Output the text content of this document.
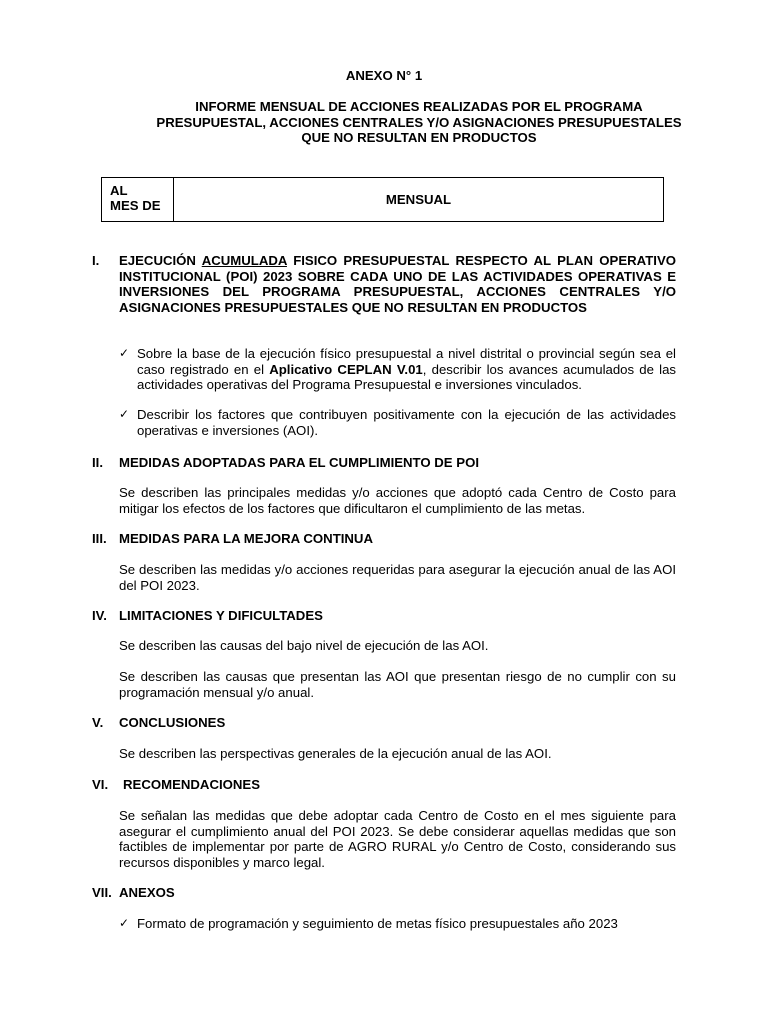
ANEXO N° 1
INFORME MENSUAL DE ACCIONES REALIZADAS POR EL PROGRAMA
PRESUPUESTAL, ACCIONES CENTRALES Y/O ASIGNACIONES PRESUPUESTALES
QUE NO RESULTAN EN PRODUCTOS
AL
MES DE	MENSUAL
I.	EJECUCIÓN ACUMULADA FISICO PRESUPUESTAL RESPECTO AL PLAN OPERATIVO INSTITUCIONAL (POI) 2023 SOBRE CADA UNO DE LAS ACTIVIDADES OPERATIVAS E INVERSIONES DEL PROGRAMA PRESUPUESTAL, ACCIONES CENTRALES Y/O ASIGNACIONES PRESUPUESTALES QUE NO RESULTAN EN PRODUCTOS
✓ Sobre la base de la ejecución físico presupuestal a nivel distrital o provincial según sea el caso registrado en el Aplicativo CEPLAN V.01, describir los avances acumulados de las actividades operativas del Programa Presupuestal e inversiones vinculados.
✓ Describir los factores que contribuyen positivamente con la ejecución de las actividades operativas e inversiones (AOI).
II.	MEDIDAS ADOPTADAS PARA EL CUMPLIMIENTO DE POI
Se describen las principales medidas y/o acciones que adoptó cada Centro de Costo para mitigar los efectos de los factores que dificultaron el cumplimiento de las metas.
III. MEDIDAS PARA LA MEJORA CONTINUA
Se describen las medidas y/o acciones requeridas para asegurar la ejecución anual de las AOI del POI 2023.
IV. LIMITACIONES Y DIFICULTADES
Se describen las causas del bajo nivel de ejecución de las AOI.
Se describen las causas que presentan las AOI que presentan riesgo de no cumplir con su programación mensual y/o anual.
V.	CONCLUSIONES
Se describen las perspectivas generales de la ejecución anual de las AOI.
VI.	RECOMENDACIONES
Se señalan las medidas que debe adoptar cada Centro de Costo en el mes siguiente para asegurar el cumplimiento anual del POI 2023. Se debe considerar aquellas medidas que son factibles de implementar por parte de AGRO RURAL y/o Centro de Costo, considerando sus recursos disponibles y marco legal.
VII. ANEXOS
✓ Formato de programación y seguimiento de metas físico presupuestales año 2023
